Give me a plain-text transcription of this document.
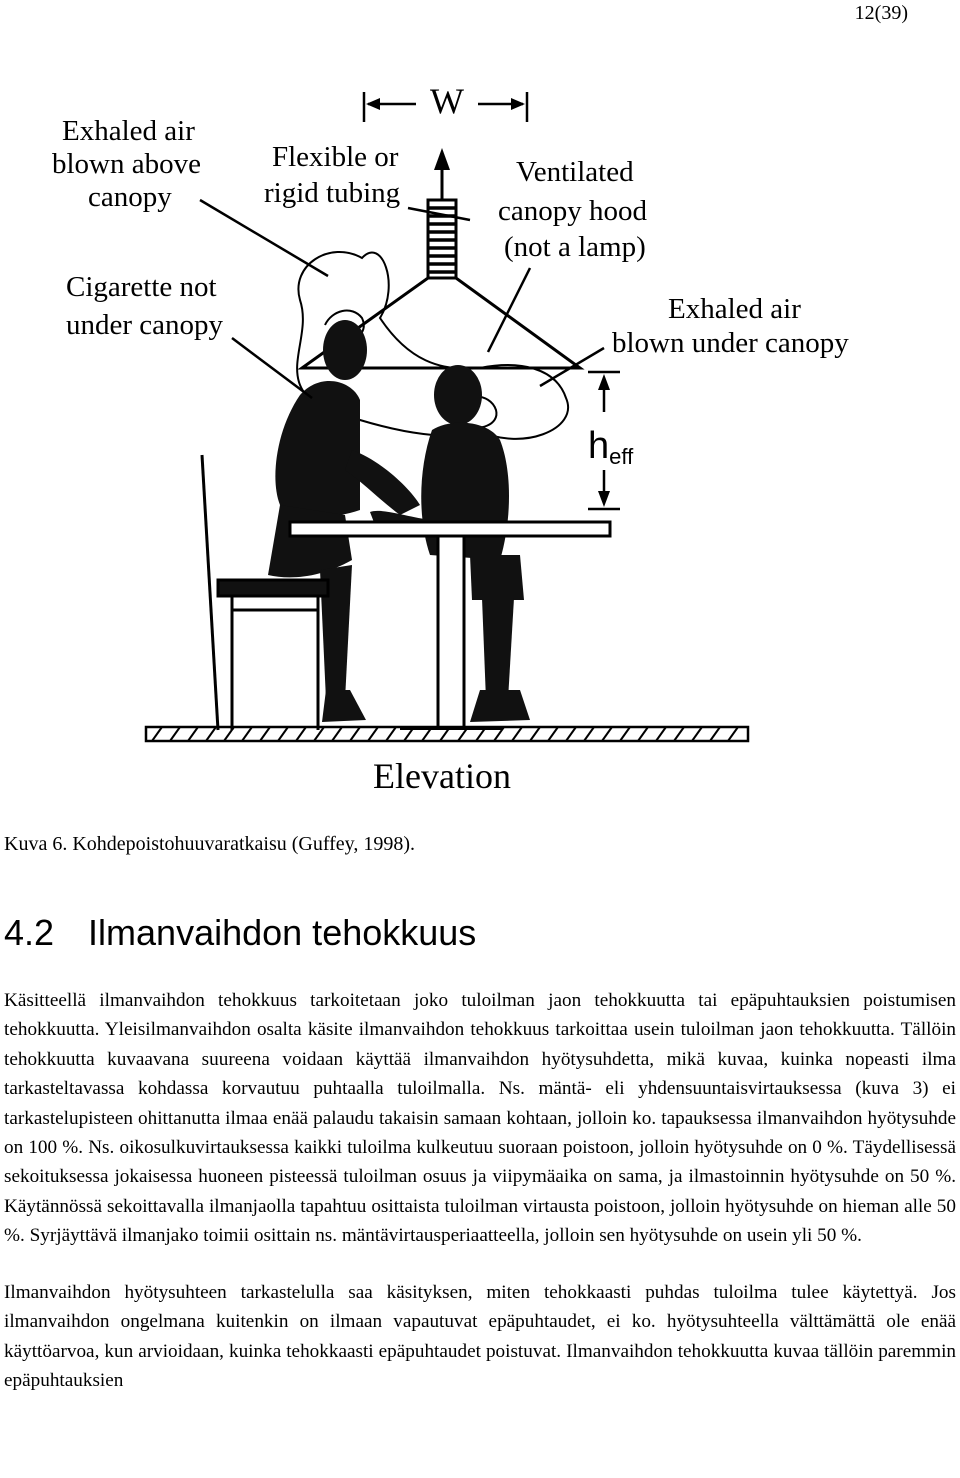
12(39)
W
heff
Exhaled air blown above canopy
Cigarette not under canopy
Flexible or rigid tubing
Ventilated canopy hood (not a lamp)
Exhaled air blown under canopy
Elevation
Kuva 6. Kohdepoistohuuvaratkaisu (Guffey, 1998).
4.2 Ilmanvaihdon tehokkuus

Käsitteellä ilmanvaihdon tehokkuus tarkoitetaan joko tuloilman jaon tehokkuutta tai epäpuhtauksien poistumisen tehokkuutta. Yleisilmanvaihdon osalta käsite ilmanvaihdon tehokkuus tarkoittaa usein tuloilman jaon tehokkuutta. Tällöin tehokkuutta kuvaavana suureena voidaan käyttää ilmanvaihdon hyötysuhdetta, mikä kuvaa, kuinka nopeasti ilma tarkasteltavassa kohdassa korvautuu puhtaalla tuloilmalla. Ns. mäntä- eli yhdensuuntaisvirtauksessa (kuva 3) ei tarkastelupisteen ohittanutta ilmaa enää palaudu takaisin samaan kohtaan, jolloin ko. tapauksessa ilmanvaihdon hyötysuhde on 100 %. Ns. oikosulkuvirtauksessa kaikki tuloilma kulkeutuu suoraan poistoon, jolloin hyötysuhde on 0 %. Täydellisessä sekoituksessa jokaisessa huoneen pisteessä tuloilman osuus ja viipymäaika on sama, ja ilmastoinnin hyötysuhde on 50 %. Käytännössä sekoittavalla ilmanjaolla tapahtuu osittaista tuloilman virtausta poistoon, jolloin hyötysuhde on hieman alle 50 %. Syrjäyttävä ilmanjako toimii osittain ns. mäntävirtausperiaatteella, jolloin sen hyötysuhde on usein yli 50 %.

Ilmanvaihdon hyötysuhteen tarkastelulla saa käsityksen, miten tehokkaasti puhdas tuloilma tulee käytettyä. Jos ilmanvaihdon ongelmana kuitenkin on ilmaan vapautuvat epäpuhtaudet, ei ko. hyötysuhteella välttämättä ole enää käyttöarvoa, kun arvioidaan, kuinka tehokkaasti epäpuhtaudet poistuvat. Ilmanvaihdon tehokkuutta kuvaa tällöin paremmin epäpuhtauksien
